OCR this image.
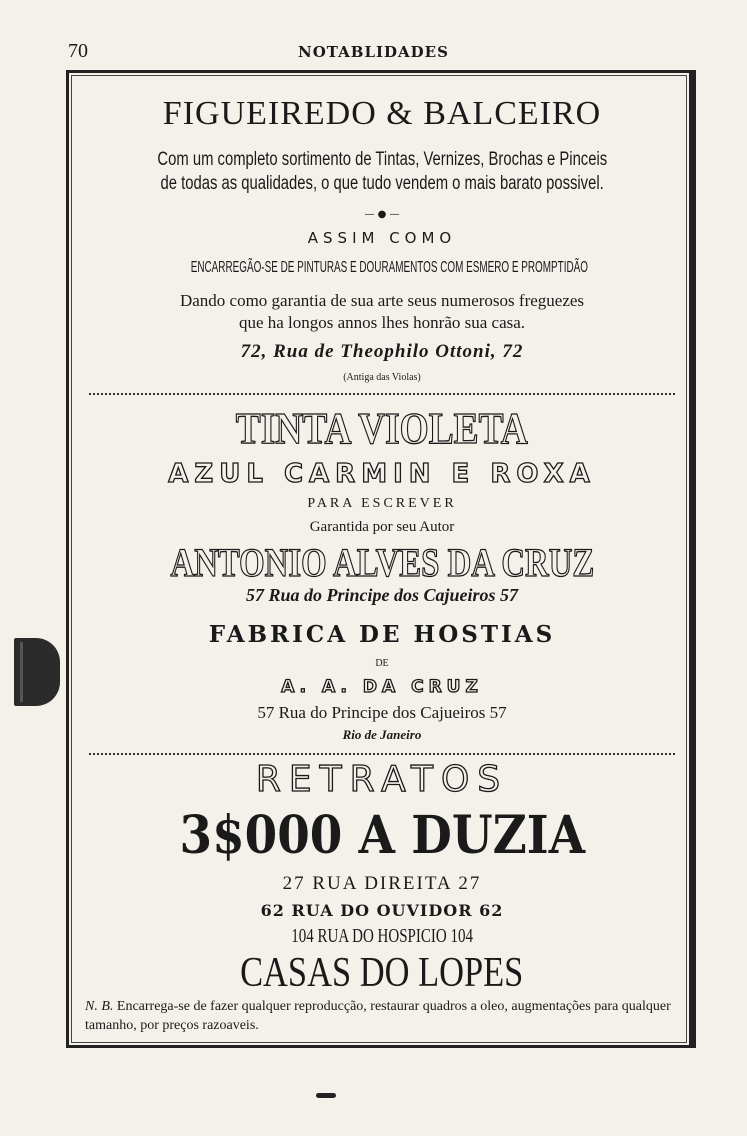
70	NOTABLIDADES
FIGUEIREDO & BALCEIRO
Com um completo sortimento de Tintas, Vernizes, Brochas e Pinceis
de todas as qualidades, o que tudo vendem o mais barato possivel.
— ● —
ASSIM COMO
ENCARREGÃO-SE DE PINTURAS E DOURAMENTOS COM ESMERO E PROMPTIDÃO
Dando como garantia de sua arte seus numerosos freguezes
que ha longos annos lhes honrão sua casa.
72, Rua de Theophilo Ottoni, 72
(Antiga das Violas)
TINTA VIOLETA
AZUL CARMIN E ROXA
PARA ESCREVER
Garantida por seu Autor
ANTONIO ALVES DA CRUZ
57 Rua do Principe dos Cajueiros 57
FABRICA DE HOSTIAS
DE
A. A. DA CRUZ
57 Rua do Principe dos Cajueiros 57
Rio de Janeiro
RETRATOS
3$000 A DUZIA
27 RUA DIREITA 27
62 RUA DO OUVIDOR 62
104 RUA DO HOSPICIO 104
CASAS DO LOPES
N. B. Encarrega-se de fazer qualquer reproducção, restaurar quadros a oleo, augmentações para qualquer tamanho, por preços razoaveis.
